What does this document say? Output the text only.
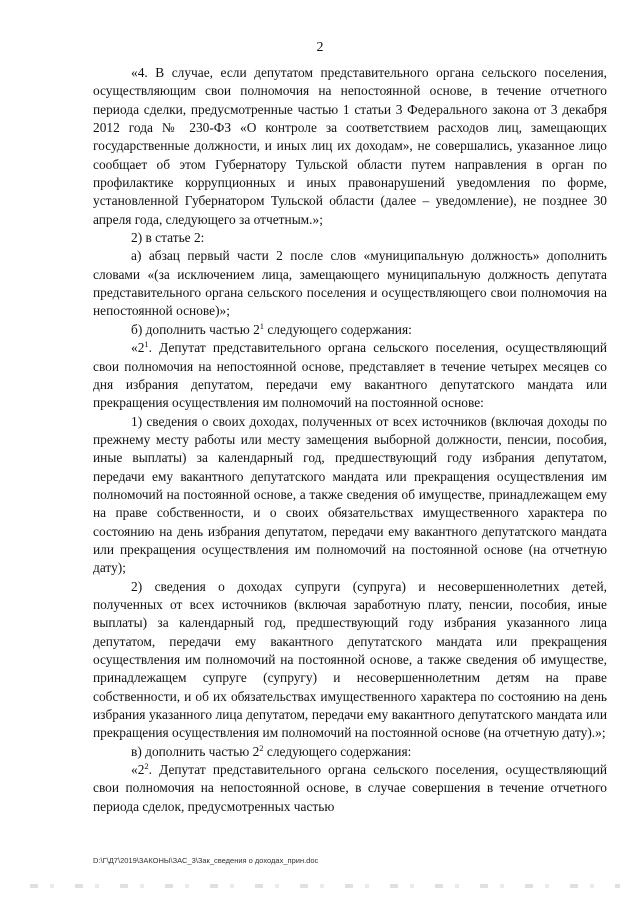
2

«4. В случае, если депутатом представительного органа сельского поселения, осуществляющим свои полномочия на непостоянной основе, в течение отчетного периода сделки, предусмотренные частью 1 статьи 3 Федерального закона от 3 декабря 2012 года № 230-ФЗ «О контроле за соответствием расходов лиц, замещающих государственные должности, и иных лиц их доходам», не совершались, указанное лицо сообщает об этом Губернатору Тульской области путем направления в орган по профилактике коррупционных и иных правонарушений уведомления по форме, установленной Губернатором Тульской области (далее – уведомление), не позднее 30 апреля года, следующего за отчетным.»;

2) в статье 2:

а) абзац первый части 2 после слов «муниципальную должность» дополнить словами «(за исключением лица, замещающего муниципальную должность депутата представительного органа сельского поселения и осуществляющего свои полномочия на непостоянной основе)»;

б) дополнить частью $2^1$ следующего содержания:

«$2^1$. Депутат представительного органа сельского поселения, осуществляющий свои полномочия на непостоянной основе, представляет в течение четырех месяцев со дня избрания депутатом, передачи ему вакантного депутатского мандата или прекращения осуществления им полномочий на постоянной основе:

1) сведения о своих доходах, полученных от всех источников (включая доходы по прежнему месту работы или месту замещения выборной должности, пенсии, пособия, иные выплаты) за календарный год, предшествующий году избрания депутатом, передачи ему вакантного депутатского мандата или прекращения осуществления им полномочий на постоянной основе, а также сведения об имуществе, принадлежащем ему на праве собственности, и о своих обязательствах имущественного характера по состоянию на день избрания депутатом, передачи ему вакантного депутатского мандата или прекращения осуществления им полномочий на постоянной основе (на отчетную дату);

2) сведения о доходах супруги (супруга) и несовершеннолетних детей, полученных от всех источников (включая заработную плату, пенсии, пособия, иные выплаты) за календарный год, предшествующий году избрания указанного лица депутатом, передачи ему вакантного депутатского мандата или прекращения осуществления им полномочий на постоянной основе, а также сведения об имуществе, принадлежащем супруге (супругу) и несовершеннолетним детям на праве собственности, и об их обязательствах имущественного характера по состоянию на день избрания указанного лица депутатом, передачи ему вакантного депутатского мандата или прекращения осуществления им полномочий на постоянной основе (на отчетную дату).»;

в) дополнить частью $2^2$ следующего содержания:

«$2^2$. Депутат представительного органа сельского поселения, осуществляющий свои полномочия на непостоянной основе, в случае совершения в течение отчетного периода сделок, предусмотренных частью

D:\Г\Д7\2019\ЗАКОНЫ\ЗАС_3\Зак_сведения о доходах_прин.doc
